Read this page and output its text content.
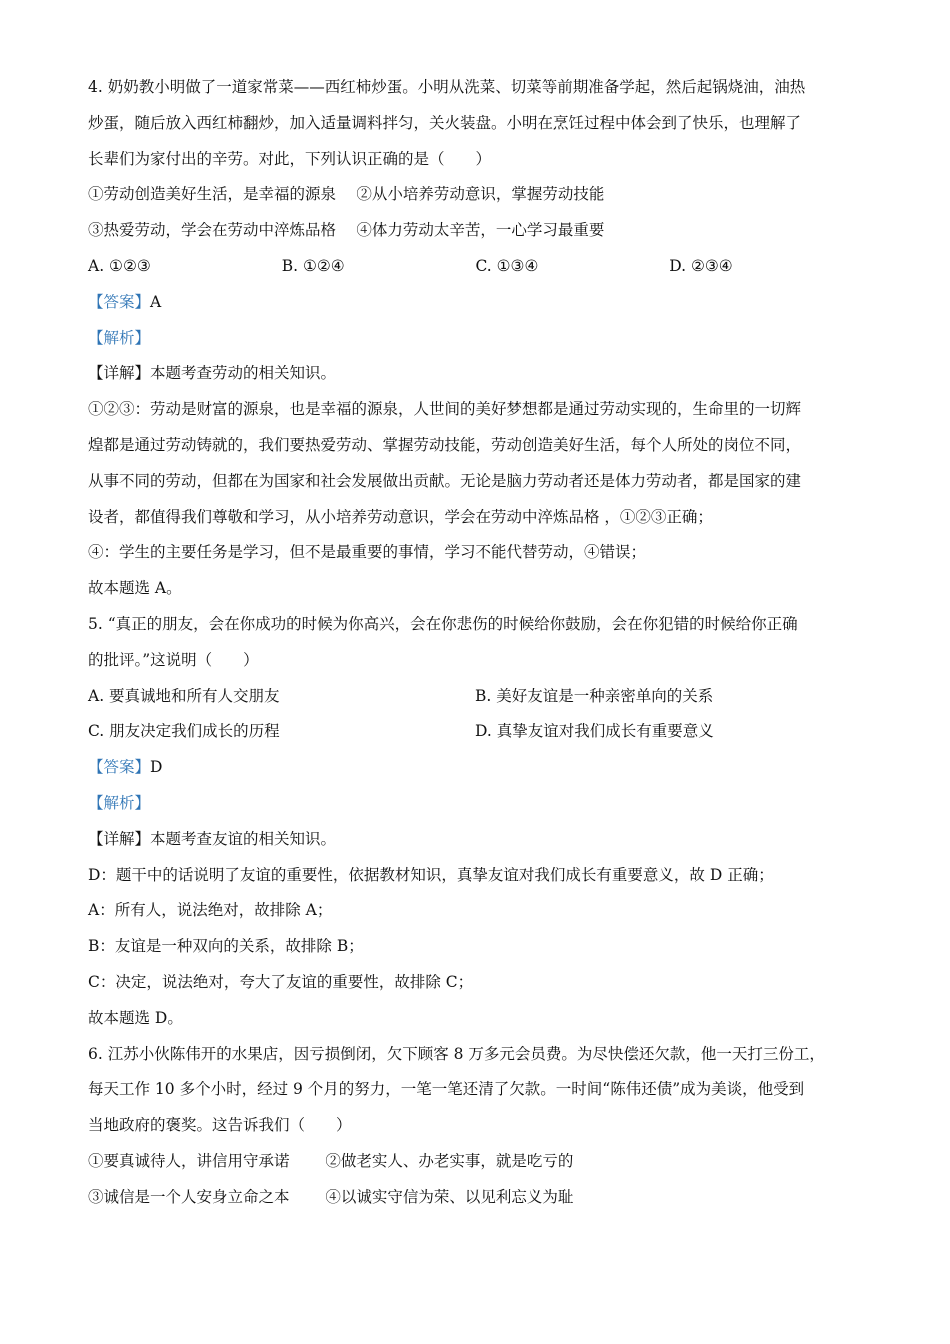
4. 奶奶教小明做了一道家常菜——西红柿炒蛋。小明从洗菜、切菜等前期准备学起，然后起锅烧油，油热
炒蛋，随后放入西红柿翻炒，加入适量调料拌匀，关火装盘。小明在烹饪过程中体会到了快乐，也理解了
长辈们为家付出的辛劳。对此，下列认识正确的是（　　）
①劳动创造美好生活，是幸福的源泉　 ②从小培养劳动意识，掌握劳动技能
③热爱劳动，学会在劳动中淬炼品格　 ④体力劳动太辛苦，一心学习最重要
A. ①②③	B. ①②④	C. ①③④	D. ②③④
【答案】A
【解析】
【详解】本题考查劳动的相关知识。
①②③：劳动是财富的源泉，也是幸福的源泉，人世间的美好梦想都是通过劳动实现的，生命里的一切辉
煌都是通过劳动铸就的，我们要热爱劳动、掌握劳动技能，劳动创造美好生活，每个人所处的岗位不同，
从事不同的劳动，但都在为国家和社会发展做出贡献。无论是脑力劳动者还是体力劳动者，都是国家的建
设者，都值得我们尊敬和学习，从小培养劳动意识，学会在劳动中淬炼品格 ，①②③正确；
④：学生的主要任务是学习，但不是最重要的事情，学习不能代替劳动，④错误；
故本题选 A。
5. “真正的朋友，会在你成功的时候为你高兴，会在你悲伤的时候给你鼓励，会在你犯错的时候给你正确
的批评。”这说明（　　）
A. 要真诚地和所有人交朋友	B. 美好友谊是一种亲密单向的关系
C. 朋友决定我们成长的历程	D. 真挚友谊对我们成长有重要意义
【答案】D
【解析】
【详解】本题考查友谊的相关知识。
D：题干中的话说明了友谊的重要性，依据教材知识，真挚友谊对我们成长有重要意义，故 D 正确；
A：所有人，说法绝对，故排除 A；
B：友谊是一种双向的关系，故排除 B；
C：决定，说法绝对，夸大了友谊的重要性，故排除 C；
故本题选 D。
6. 江苏小伙陈伟开的水果店，因亏损倒闭，欠下顾客 8 万多元会员费。为尽快偿还欠款，他一天打三份工，
每天工作 10 多个小时，经过 9 个月的努力，一笔一笔还清了欠款。一时间“陈伟还债”成为美谈，他受到
当地政府的褒奖。这告诉我们（　　）
①要真诚待人，讲信用守承诺　　 ②做老实人、办老实事，就是吃亏的
③诚信是一个人安身立命之本　　 ④以诚实守信为荣、以见利忘义为耻
